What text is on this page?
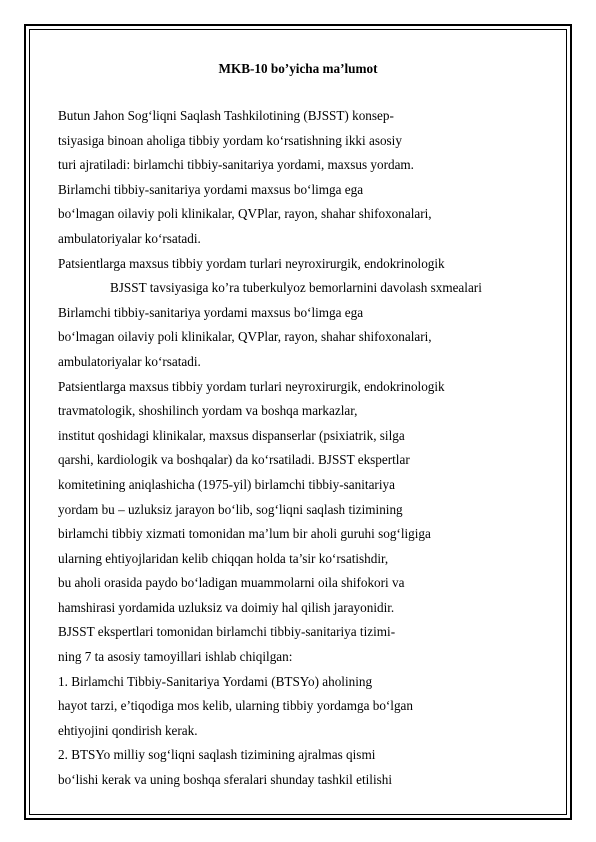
MKB-10 bo’yicha ma’lumot
Butun Jahon Sog‘liqni Saqlash Tashkilotining (BJSST) konsep-
tsiyasiga binoan aholiga tibbiy yordam ko‘rsatishning ikki asosiy
turi ajratiladi: birlamchi tibbiy-sanitariya yordami, maxsus yordam.
Birlamchi tibbiy-sanitariya yordami maxsus bo‘limga ega
bo‘lmagan oilaviy poli klinikalar, QVPlar, rayon, shahar shifoxonalari,
ambulatoriyalar ko‘rsatadi.
Patsientlarga maxsus tibbiy yordam turlari neyroxirurgik, endokrinologik
BJSST tavsiyasiga ko’ra tuberkulyoz bemorlarnini davolash sxmealari
Birlamchi tibbiy-sanitariya yordami maxsus bo‘limga ega
bo‘lmagan oilaviy poli klinikalar, QVPlar, rayon, shahar shifoxonalari,
ambulatoriyalar ko‘rsatadi.
Patsientlarga maxsus tibbiy yordam turlari neyroxirurgik, endokrinologik
travmatologik, shoshilinch yordam va boshqa markazlar,
institut qoshidagi klinikalar, maxsus dispanserlar (psixiatrik, silga
qarshi, kardiologik va boshqalar) da ko‘rsatiladi. BJSST ekspertlar
komitetining aniqlashicha (1975-yil) birlamchi tibbiy-sanitariya
yordam bu – uzluksiz jarayon bo‘lib, sog‘liqni saqlash tizimining
birlamchi tibbiy xizmati tomonidan ma’lum bir aholi guruhi sog‘ligiga
ularning ehtiyojlaridan kelib chiqqan holda ta’sir ko‘rsatishdir,
bu aholi orasida paydo bo‘ladigan muammolarni oila shifokori va
hamshirasi yordamida uzluksiz va doimiy hal qilish jarayonidir.
BJSST ekspertlari tomonidan birlamchi tibbiy-sanitariya tizimi-
ning 7 ta asosiy tamoyillari ishlab chiqilgan:
1. Birlamchi Tibbiy-Sanitariya Yordami (BTSYo) aholining
hayot tarzi, e’tiqodiga mos kelib, ularning tibbiy yordamga bo‘lgan
ehtiyojini qondirish kerak.
2. BTSYo milliy sog‘liqni saqlash tizimining ajralmas qismi
bo‘lishi kerak va uning boshqa sferalari shunday tashkil etilishi
